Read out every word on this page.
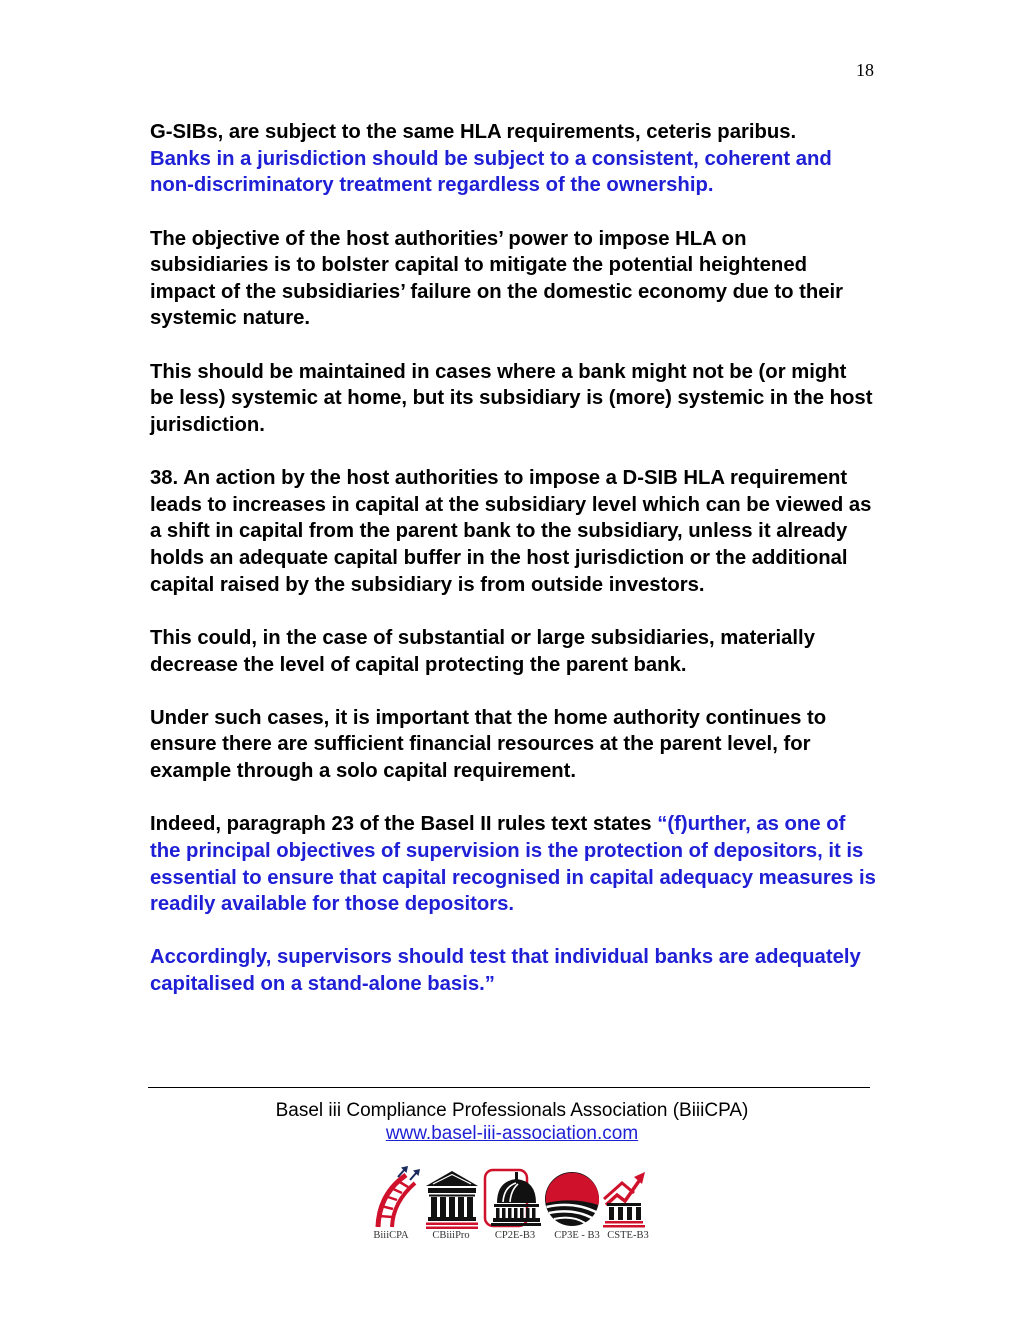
18
G-SIBs, are subject to the same HLA requirements, ceteris paribus.
Banks in a jurisdiction should be subject to a consistent, coherent and
non-discriminatory treatment regardless of the ownership.
The objective of the host authorities’ power to impose HLA on
subsidiaries is to bolster capital to mitigate the potential heightened
impact of the subsidiaries’ failure on the domestic economy due to their
systemic nature.
This should be maintained in cases where a bank might not be (or might
be less) systemic at home, but its subsidiary is (more) systemic in the host
jurisdiction.
38. An action by the host authorities to impose a D-SIB HLA requirement
leads to increases in capital at the subsidiary level which can be viewed as
a shift in capital from the parent bank to the subsidiary, unless it already
holds an adequate capital buffer in the host jurisdiction or the additional
capital raised by the subsidiary is from outside investors.
This could, in the case of substantial or large subsidiaries, materially
decrease the level of capital protecting the parent bank.
Under such cases, it is important that the home authority continues to
ensure there are sufficient financial resources at the parent level, for
example through a solo capital requirement.
Indeed, paragraph 23 of the Basel II rules text states “(f)urther, as one of
the principal objectives of supervision is the protection of depositors, it is
essential to ensure that capital recognised in capital adequacy measures is
readily available for those depositors.
Accordingly, supervisors should test that individual banks are adequately
capitalised on a stand-alone basis.”
Basel iii Compliance Professionals Association (BiiiCPA)
www.basel-iii-association.com
BiiiCPA	CBiiiPro	CP2E-B3	CP3E - B3 CSTE-B3
